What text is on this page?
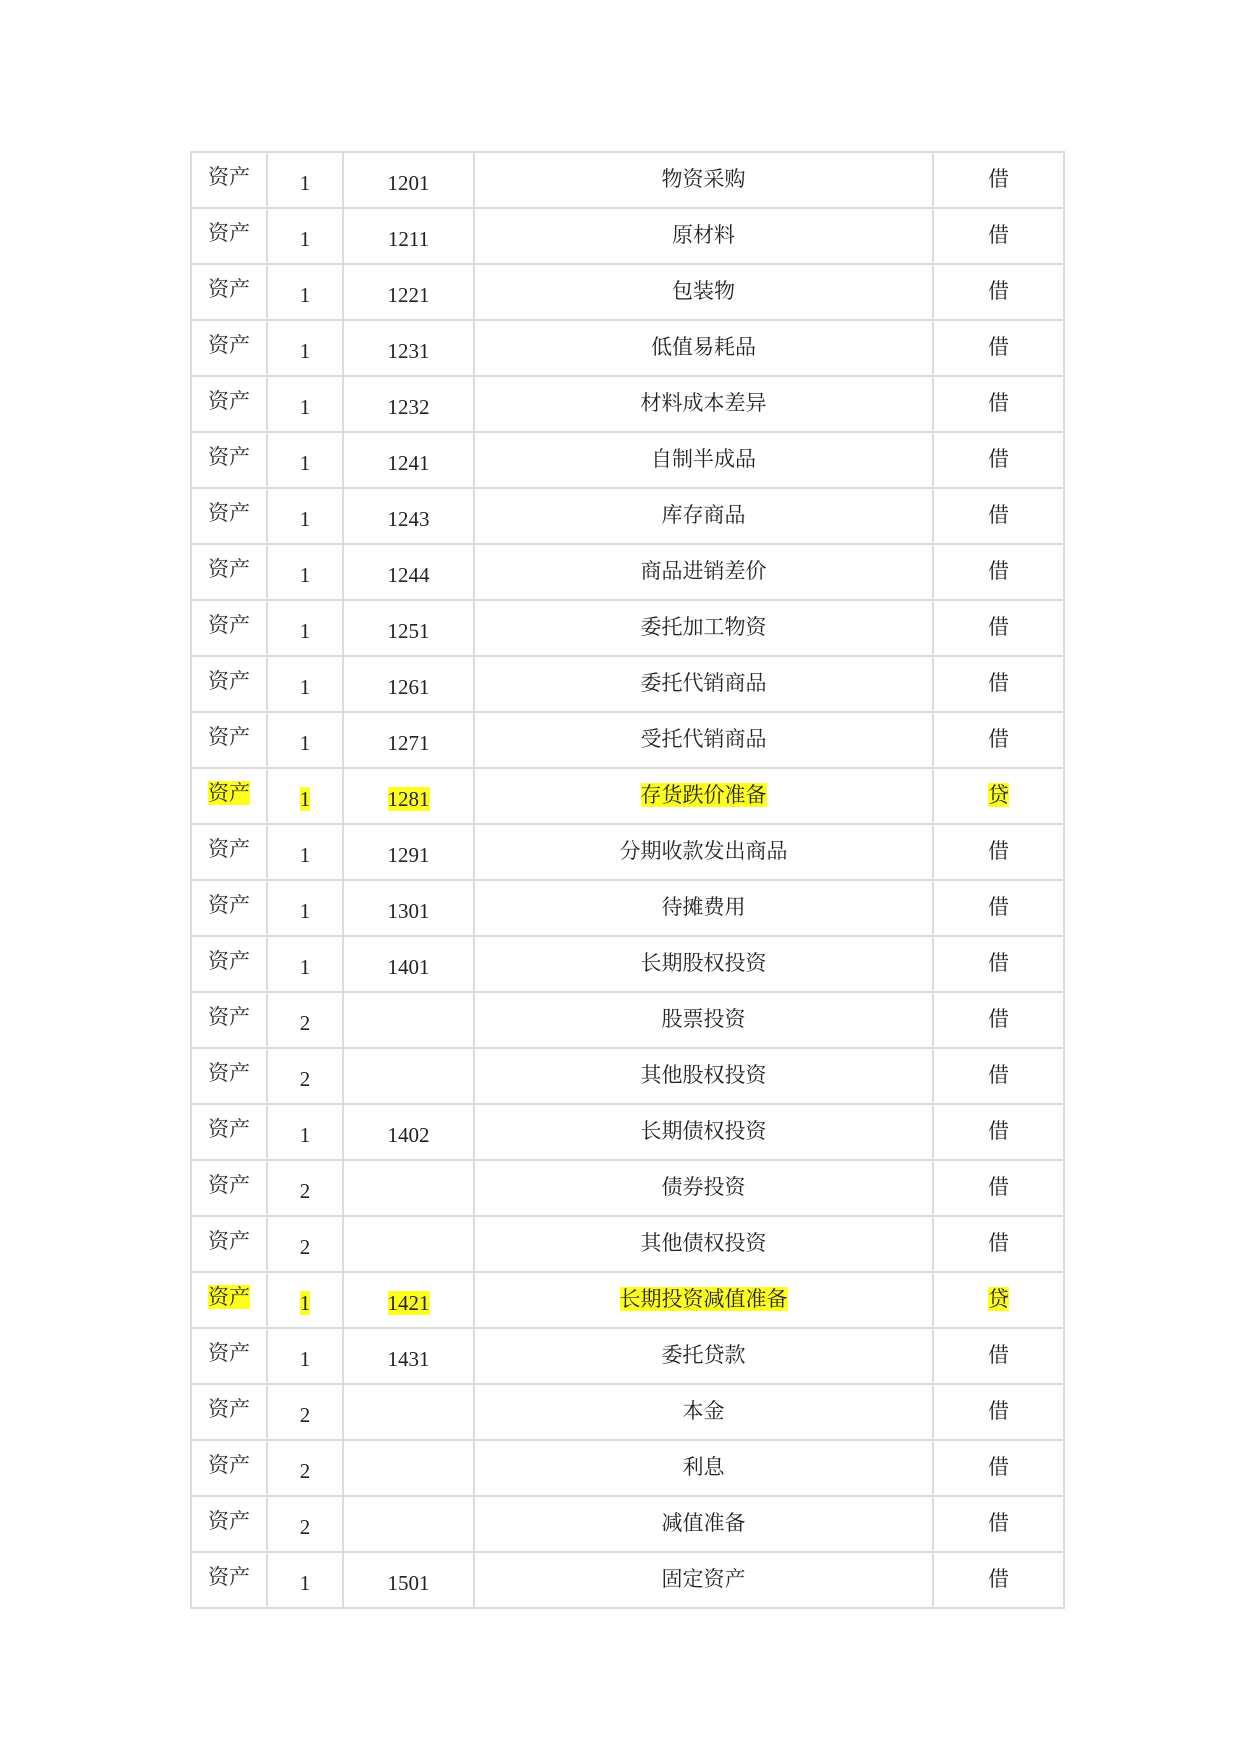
资产	1	1201	物资采购	借
资产	1	1211	原材料	借
资产	1	1221	包装物	借
资产	1	1231	低值易耗品	借
资产	1	1232	材料成本差异	借
资产	1	1241	自制半成品	借
资产	1	1243	库存商品	借
资产	1	1244	商品进销差价	借
资产	1	1251	委托加工物资	借
资产	1	1261	委托代销商品	借
资产	1	1271	受托代销商品	借
资产	1	1281	存货跌价准备	贷
资产	1	1291	分期收款发出商品	借
资产	1	1301	待摊费用	借
资产	1	1401	长期股权投资	借
资产	2		股票投资	借
资产	2		其他股权投资	借
资产	1	1402	长期债权投资	借
资产	2		债券投资	借
资产	2		其他债权投资	借
资产	1	1421	长期投资减值准备	贷
资产	1	1431	委托贷款	借
资产	2		本金	借
资产	2		利息	借
资产	2		减值准备	借
资产	1	1501	固定资产	借
